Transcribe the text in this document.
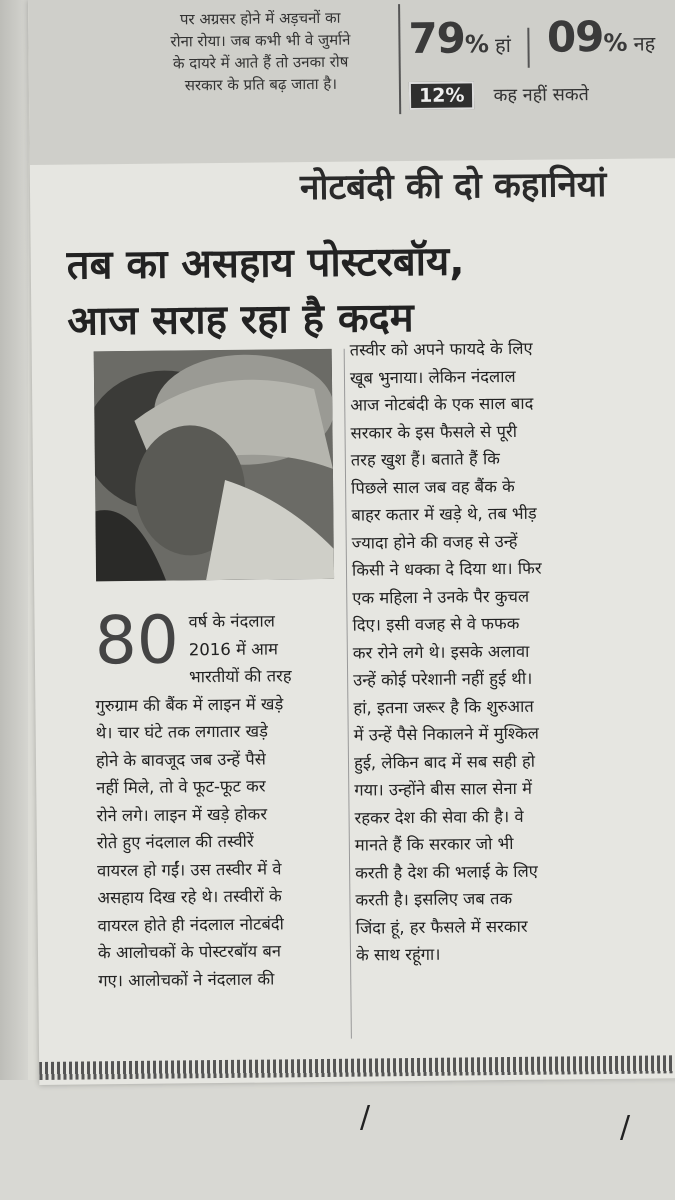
/	/
पर अग्रसर होने में अड़चनों का
रोना रोया। जब कभी भी वे जुर्माने
के दायरे में आते हैं तो उनका रोष
सरकार के प्रति बढ़ जाता है।
79% हां 09% नह
12% कह नहीं सकते
नोटबंदी की दो कहानियां

तब का असहाय पोस्टरबॉय,
आज सराह रहा है कदम
80 वर्ष के नंदलाल
2016 में आम
भारतीयों की तरह
गुरुग्राम की बैंक में लाइन में खड़े
थे। चार घंटे तक लगातार खड़े
होने के बावजूद जब उन्हें पैसे
नहीं मिले, तो वे फूट-फूट कर
रोने लगे। लाइन में खड़े होकर
रोते हुए नंदलाल की तस्वीरें
वायरल हो गईं। उस तस्वीर में वे
असहाय दिख रहे थे। तस्वीरों के
वायरल होते ही नंदलाल नोटबंदी
के आलोचकों के पोस्टरबॉय बन
गए। आलोचकों ने नंदलाल की
तस्वीर को अपने फायदे के लिए
खूब भुनाया। लेकिन नंदलाल
आज नोटबंदी के एक साल बाद
सरकार के इस फैसले से पूरी
तरह खुश हैं। बताते हैं कि
पिछले साल जब वह बैंक के
बाहर कतार में खड़े थे, तब भीड़
ज्यादा होने की वजह से उन्हें
किसी ने धक्का दे दिया था। फिर
एक महिला ने उनके पैर कुचल
दिए। इसी वजह से वे फफक
कर रोने लगे थे। इसके अलावा
उन्हें कोई परेशानी नहीं हुई थी।
हां, इतना जरूर है कि शुरुआत
में उन्हें पैसे निकालने में मुश्किल
हुई, लेकिन बाद में सब सही हो
गया। उन्होंने बीस साल सेना में
रहकर देश की सेवा की है। वे
मानते हैं कि सरकार जो भी
करती है देश की भलाई के लिए
करती है। इसलिए जब तक
जिंदा हूं, हर फैसले में सरकार
के साथ रहूंगा।
